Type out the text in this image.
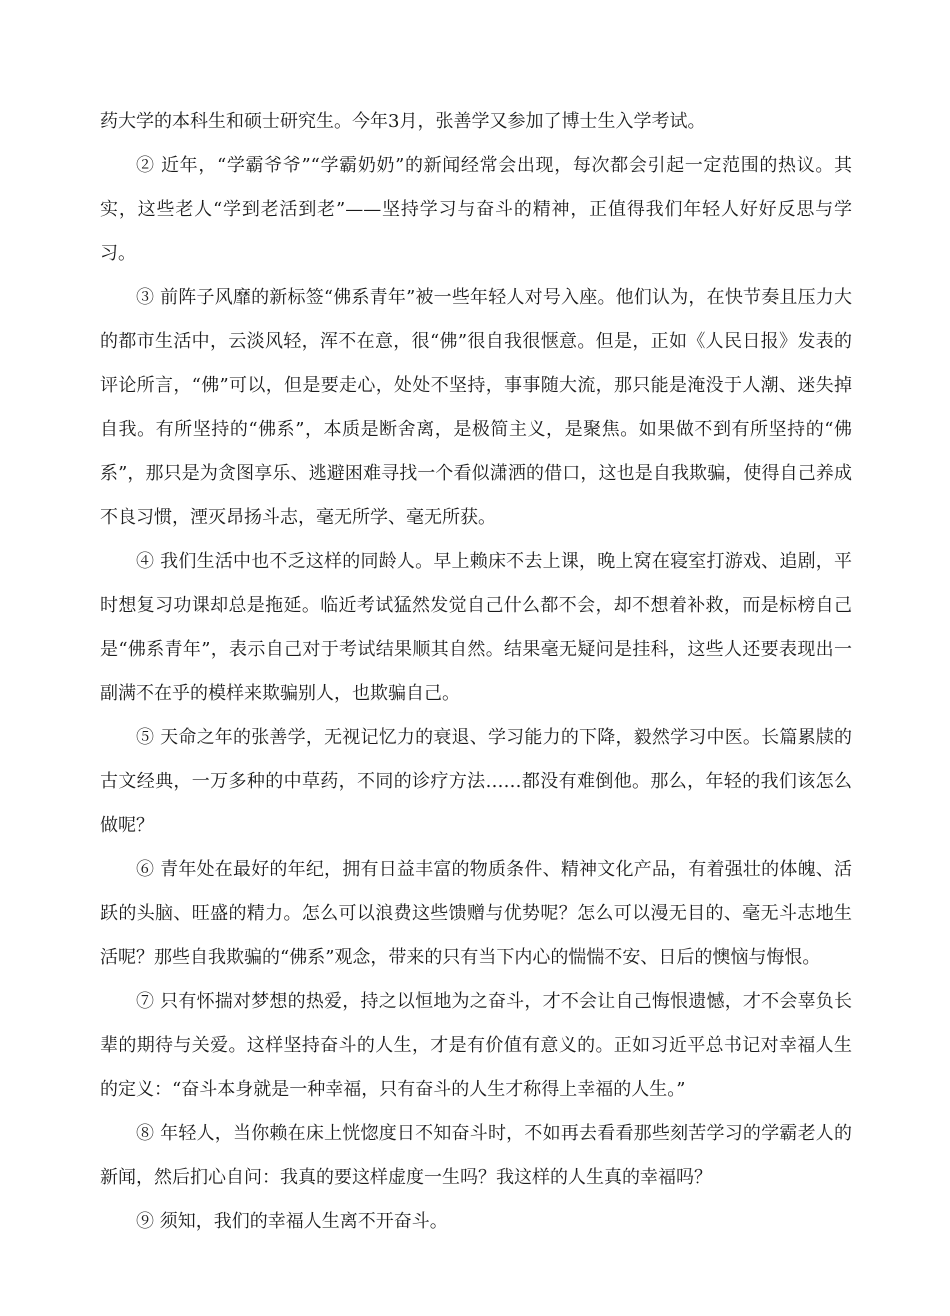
药大学的本科生和硕士研究生。今年3月，张善学又参加了博士生入学考试。

② 近年，“学霸爷爷”“学霸奶奶”的新闻经常会出现，每次都会引起一定范围的热议。其实，这些老人“学到老活到老”——坚持学习与奋斗的精神，正值得我们年轻人好好反思与学习。

③ 前阵子风靡的新标签“佛系青年”被一些年轻人对号入座。他们认为，在快节奏且压力大的都市生活中，云淡风轻，浑不在意，很“佛”很自我很惬意。但是，正如《人民日报》发表的评论所言，“佛”可以，但是要走心，处处不坚持，事事随大流，那只能是淹没于人潮、迷失掉自我。有所坚持的“佛系”，本质是断舍离，是极简主义，是聚焦。如果做不到有所坚持的“佛系”，那只是为贪图享乐、逃避困难寻找一个看似潇洒的借口，这也是自我欺骗，使得自己养成不良习惯，湮灭昂扬斗志，毫无所学、毫无所获。

④ 我们生活中也不乏这样的同龄人。早上赖床不去上课，晚上窝在寝室打游戏、追剧，平时想复习功课却总是拖延。临近考试猛然发觉自己什么都不会，却不想着补救，而是标榜自己是“佛系青年”，表示自己对于考试结果顺其自然。结果毫无疑问是挂科，这些人还要表现出一副满不在乎的模样来欺骗别人，也欺骗自己。

⑤ 天命之年的张善学，无视记忆力的衰退、学习能力的下降，毅然学习中医。长篇累牍的古文经典，一万多种的中草药，不同的诊疗方法……都没有难倒他。那么，年轻的我们该怎么做呢？

⑥ 青年处在最好的年纪，拥有日益丰富的物质条件、精神文化产品，有着强壮的体魄、活跃的头脑、旺盛的精力。怎么可以浪费这些馈赠与优势呢？怎么可以漫无目的、毫无斗志地生活呢？那些自我欺骗的“佛系”观念，带来的只有当下内心的惴惴不安、日后的懊恼与悔恨。

⑦ 只有怀揣对梦想的热爱，持之以恒地为之奋斗，才不会让自己悔恨遗憾，才不会辜负长辈的期待与关爱。这样坚持奋斗的人生，才是有价值有意义的。正如习近平总书记对幸福人生的定义：“奋斗本身就是一种幸福，只有奋斗的人生才称得上幸福的人生。”

⑧ 年轻人，当你赖在床上恍惚度日不知奋斗时，不如再去看看那些刻苦学习的学霸老人的新闻，然后扪心自问：我真的要这样虚度一生吗？我这样的人生真的幸福吗？

⑨ 须知，我们的幸福人生离不开奋斗。
